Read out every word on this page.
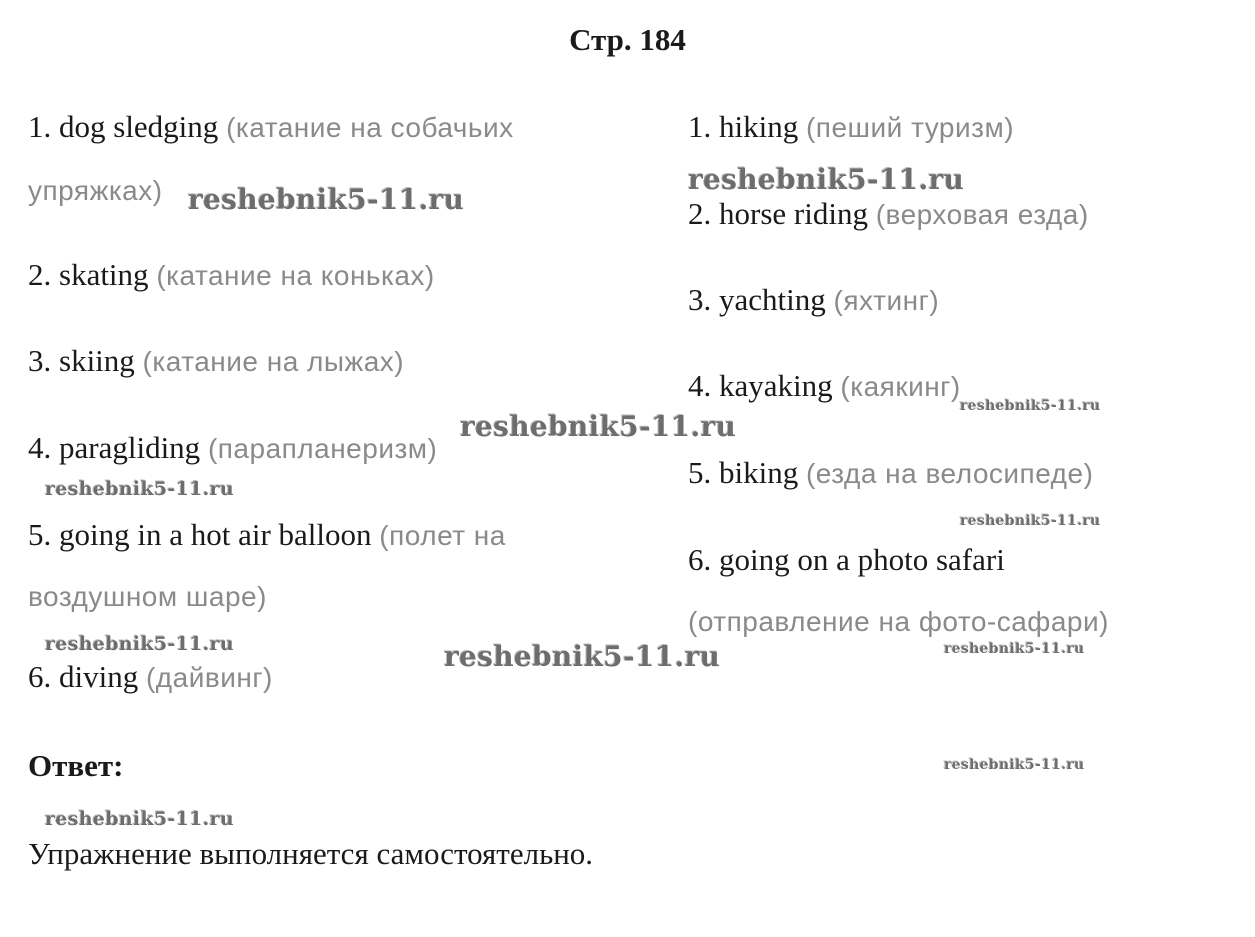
Стр. 184
1. dog sledging (катание на собачьих
упряжках)
2. skating (катание на коньках)
3. skiing (катание на лыжах)
4. paragliding (парапланеризм)
5. going in a hot air balloon (полет на
воздушном шаре)
6. diving (дайвинг)
1. hiking (пеший туризм)
2. horse riding (верховая езда)
3. yachting (яхтинг)
4. kayaking (каякинг)
5. biking (езда на велосипеде)
6. going on a photo safari
(отправление на фото-сафари)
Ответ:
Упражнение выполняется самостоятельно.
reshebnik5-11.ru
reshebnik5-11.ru
reshebnik5-11.ru
reshebnik5-11.ru
reshebnik5-11.ru
reshebnik5-11.ru
reshebnik5-11.ru	reshebnik5-11.ru	reshebnik5-11.ru
reshebnik5-11.ru
reshebnik5-11.ru
